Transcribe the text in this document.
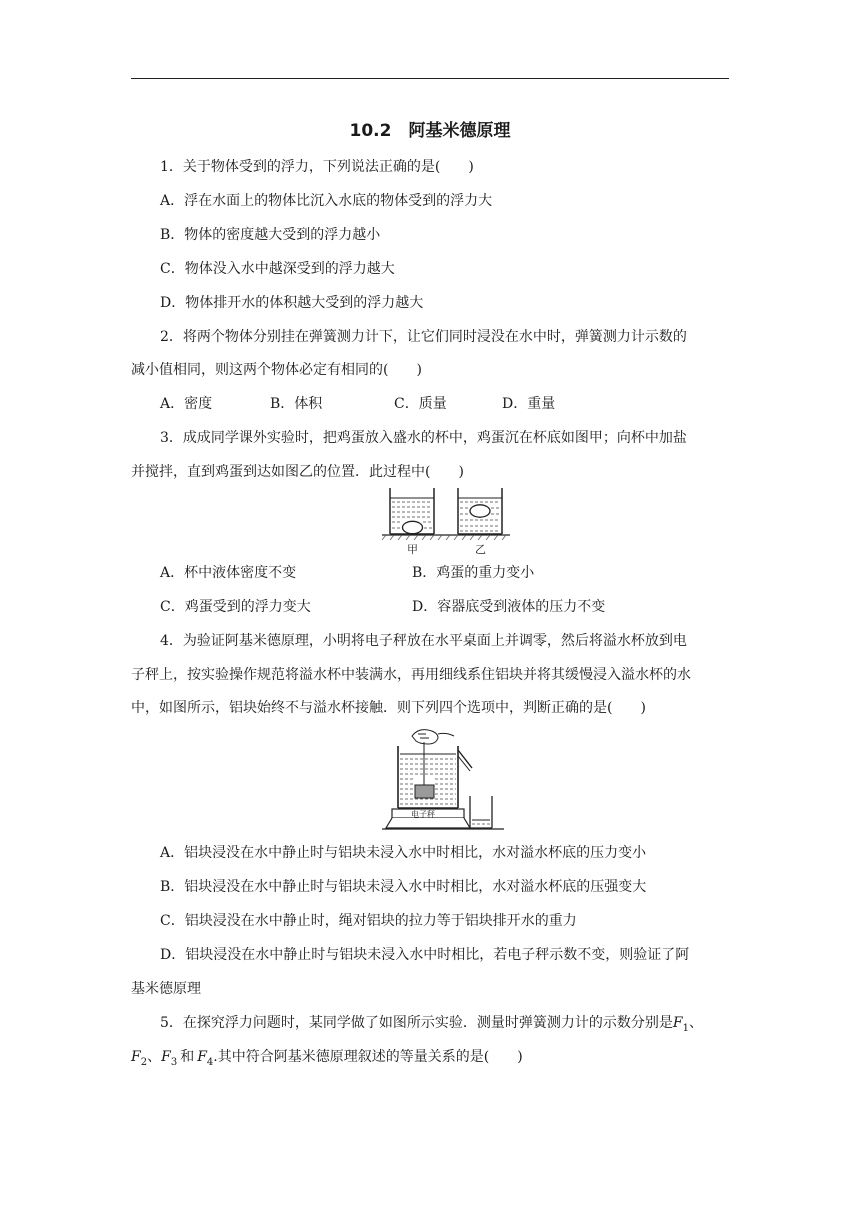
10.2　阿基米德原理
1．关于物体受到的浮力，下列说法正确的是(　　)
A．浮在水面上的物体比沉入水底的物体受到的浮力大
B．物体的密度越大受到的浮力越小
C．物体没入水中越深受到的浮力越大
D．物体排开水的体积越大受到的浮力越大
2．将两个物体分别挂在弹簧测力计下，让它们同时浸没在水中时，弹簧测力计示数的
减小值相同，则这两个物体必定有相同的(　　)
A．密度	B．体积	C．质量	D．重量
3．成成同学课外实验时，把鸡蛋放入盛水的杯中，鸡蛋沉在杯底如图甲；向杯中加盐
并搅拌，直到鸡蛋到达如图乙的位置．此过程中(　　)
甲	乙
A．杯中液体密度不变	B．鸡蛋的重力变小
C．鸡蛋受到的浮力变大	D．容器底受到液体的压力不变
4．为验证阿基米德原理，小明将电子秤放在水平桌面上并调零，然后将溢水杯放到电
子秤上，按实验操作规范将溢水杯中装满水，再用细线系住铝块并将其缓慢浸入溢水杯的水
中，如图所示，铝块始终不与溢水杯接触．则下列四个选项中，判断正确的是(　　)
电子秤
A．铝块浸没在水中静止时与铝块未浸入水中时相比，水对溢水杯底的压力变小
B．铝块浸没在水中静止时与铝块未浸入水中时相比，水对溢水杯底的压强变大
C．铝块浸没在水中静止时，绳对铝块的拉力等于铝块排开水的重力
D．铝块浸没在水中静止时与铝块未浸入水中时相比，若电子秤示数不变，则验证了阿
基米德原理
5．在探究浮力问题时，某同学做了如图所示实验．测量时弹簧测力计的示数分别是$F_1$、
$F_2$、$F_3$ 和 $F_4$.其中符合阿基米德原理叙述的等量关系的是(　　)
